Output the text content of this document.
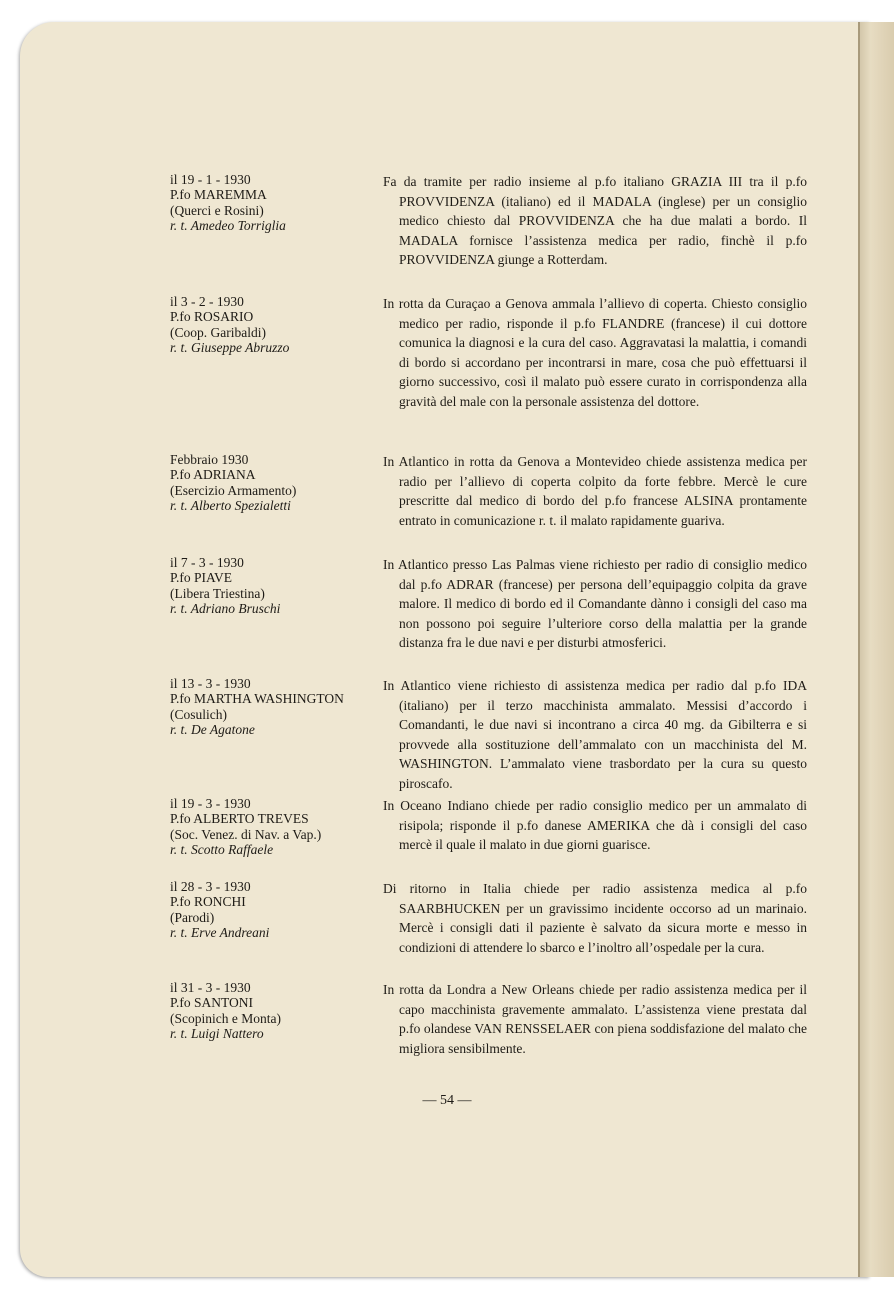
il 19 - 1 - 1930
P.fo MAREMMA
(Querci e Rosini)
r. t. Amedeo Torriglia
Fa da tramite per radio insieme al p.fo italiano GRAZIA III tra il p.fo PROVVIDENZA (italiano) ed il MADALA (inglese) per un consiglio medico chiesto dal PROVVIDENZA che ha due malati a bordo. Il MADALA fornisce l’assistenza medica per radio, finchè il p.fo PROVVIDENZA giunge a Rotterdam.
il 3 - 2 - 1930
P.fo ROSARIO
(Coop. Garibaldi)
r. t. Giuseppe Abruzzo
In rotta da Curaçao a Genova ammala l’allievo di coperta. Chiesto consiglio medico per radio, risponde il p.fo FLANDRE (francese) il cui dottore comunica la diagnosi e la cura del caso. Aggravatasi la malattia, i comandi di bordo si accordano per incontrarsi in mare, cosa che può effettuarsi il giorno successivo, così il malato può essere curato in corrispondenza alla gravità del male con la personale assistenza del dottore.
Febbraio 1930
P.fo ADRIANA
(Esercizio Armamento)
r. t. Alberto Spezialetti
In Atlantico in rotta da Genova a Montevideo chiede assistenza medica per radio per l’allievo di coperta colpito da forte febbre. Mercè le cure prescritte dal medico di bordo del p.fo francese ALSINA prontamente entrato in comunicazione r. t. il malato rapidamente guariva.
il 7 - 3 - 1930
P.fo PIAVE
(Libera Triestina)
r. t. Adriano Bruschi
In Atlantico presso Las Palmas viene richiesto per radio di consiglio medico dal p.fo ADRAR (francese) per persona dell’equipaggio colpita da grave malore. Il medico di bordo ed il Comandante dànno i consigli del caso ma non possono poi seguire l’ulteriore corso della malattia per la grande distanza fra le due navi e per disturbi atmosferici.
il 13 - 3 - 1930
P.fo MARTHA WASHINGTON
(Cosulich)
r. t. De Agatone
In Atlantico viene richiesto di assistenza medica per radio dal p.fo IDA (italiano) per il terzo macchinista ammalato. Messisi d’accordo i Comandanti, le due navi si incontrano a circa 40 mg. da Gibilterra e si provvede alla sostituzione dell’ammalato con un macchinista del M. WASHINGTON. L’ammalato viene trasbordato per la cura su questo piroscafo.
il 19 - 3 - 1930
P.fo ALBERTO TREVES
(Soc. Venez. di Nav. a Vap.)
r. t. Scotto Raffaele
In Oceano Indiano chiede per radio consiglio medico per un ammalato di risipola; risponde il p.fo danese AMERIKA che dà i consigli del caso mercè il quale il malato in due giorni guarisce.
il 28 - 3 - 1930
P.fo RONCHI
(Parodi)
r. t. Erve Andreani
Di ritorno in Italia chiede per radio assistenza medica al p.fo SAARBHUCKEN per un gravissimo incidente occorso ad un marinaio. Mercè i consigli dati il paziente è salvato da sicura morte e messo in condizioni di attendere lo sbarco e l’inoltro all’ospedale per la cura.
il 31 - 3 - 1930
P.fo SANTONI
(Scopinich e Monta)
r. t. Luigi Nattero
In rotta da Londra a New Orleans chiede per radio assistenza medica per il capo macchinista gravemente ammalato. L’assistenza viene prestata dal p.fo olandese VAN RENSSELAER con piena soddisfazione del malato che migliora sensibilmente.
— 54 —
